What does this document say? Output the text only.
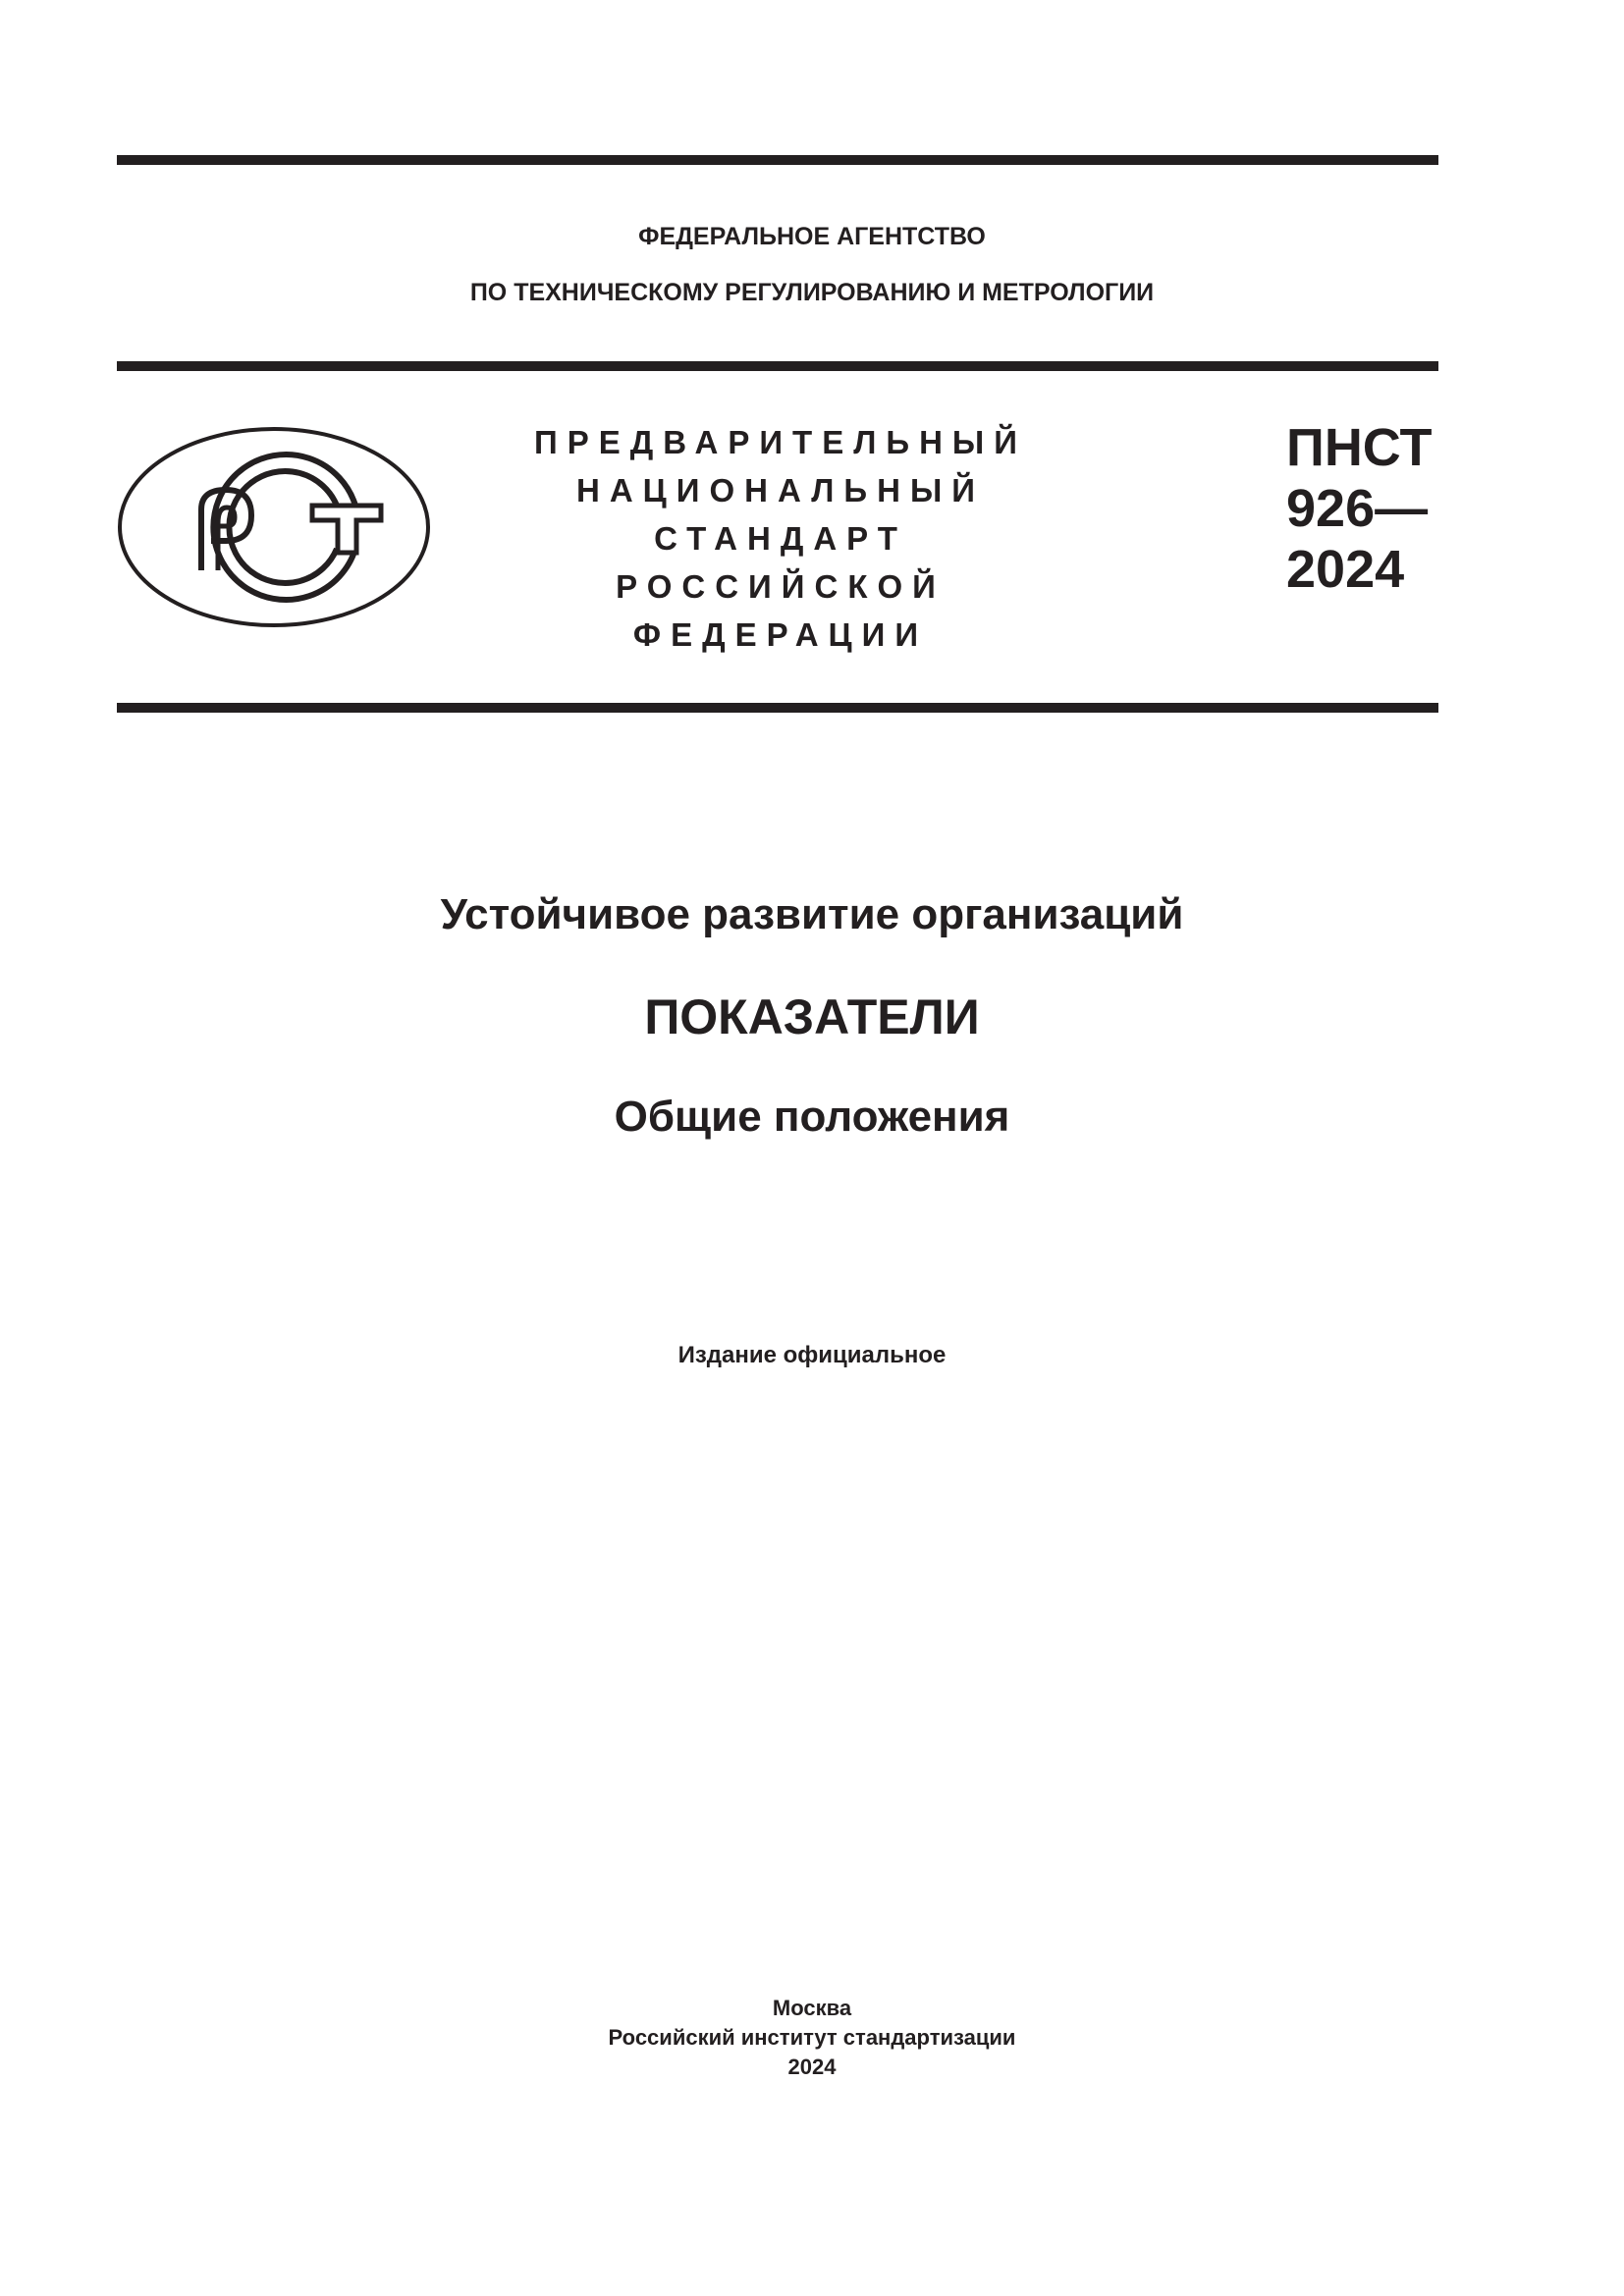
ФЕДЕРАЛЬНОЕ АГЕНТСТВО
ПО ТЕХНИЧЕСКОМУ РЕГУЛИРОВАНИЮ И МЕТРОЛОГИИ
ПРЕДВАРИТЕЛЬНЫЙ
НАЦИОНАЛЬНЫЙ
СТАНДАРТ
РОССИЙСКОЙ
ФЕДЕРАЦИИ
ПНСТ
926—
2024
Устойчивое развитие организаций
ПОКАЗАТЕЛИ
Общие положения
Издание официальное
Москва
Российский институт стандартизации
2024
